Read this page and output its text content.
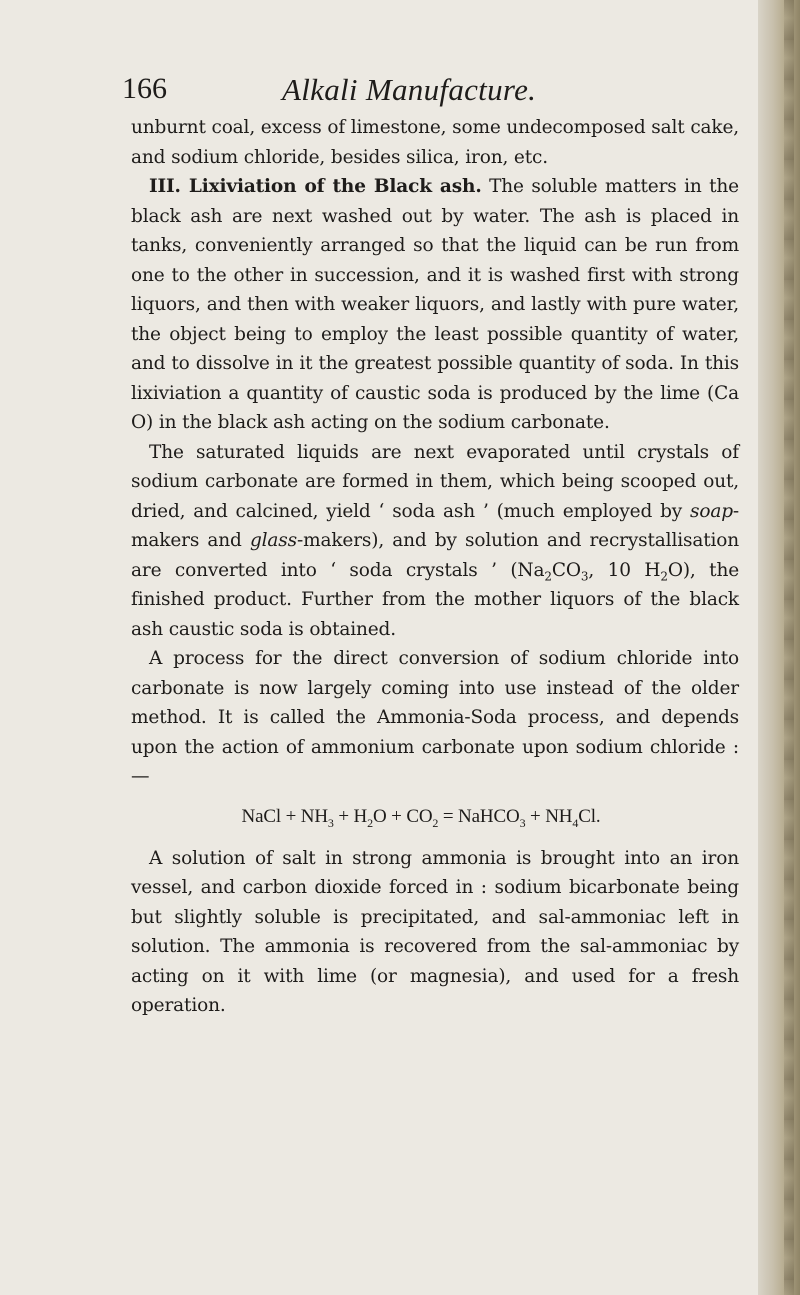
166	Alkali Manufacture.

unburnt coal, excess of limestone, some undecomposed salt cake, and sodium chloride, besides silica, iron, etc.

III. Lixiviation of the Black ash. The soluble matters in the black ash are next washed out by water. The ash is placed in tanks, conveniently arranged so that the liquid can be run from one to the other in succession, and it is washed first with strong liquors, and then with weaker liquors, and lastly with pure water, the object being to employ the least possible quantity of water, and to dissolve in it the greatest possible quantity of soda. In this lixiviation a quantity of caustic soda is produced by the lime (Ca O) in the black ash acting on the sodium carbonate.

The saturated liquids are next evaporated until crystals of sodium carbonate are formed in them, which being scooped out, dried, and calcined, yield ‘ soda ash ’ (much employed by soap-makers and glass-makers), and by solution and recrystallisation are converted into ‘ soda crystals ’ ($Na_2CO_3$, 10 $H_2O$), the finished product. Further from the mother liquors of the black ash caustic soda is obtained.

A process for the direct conversion of sodium chloride into carbonate is now largely coming into use instead of the older method. It is called the Ammonia-Soda process, and depends upon the action of ammonium carbonate upon sodium chloride :—

NaCl + $NH_3 + H_2O + CO_2$ = NaHCO$_3$ + $NH_4Cl$.

A solution of salt in strong ammonia is brought into an iron vessel, and carbon dioxide forced in : sodium bicarbonate being but slightly soluble is precipitated, and sal-ammoniac left in solution. The ammonia is recovered from the sal-ammoniac by acting on it with lime (or magnesia), and used for a fresh operation.
